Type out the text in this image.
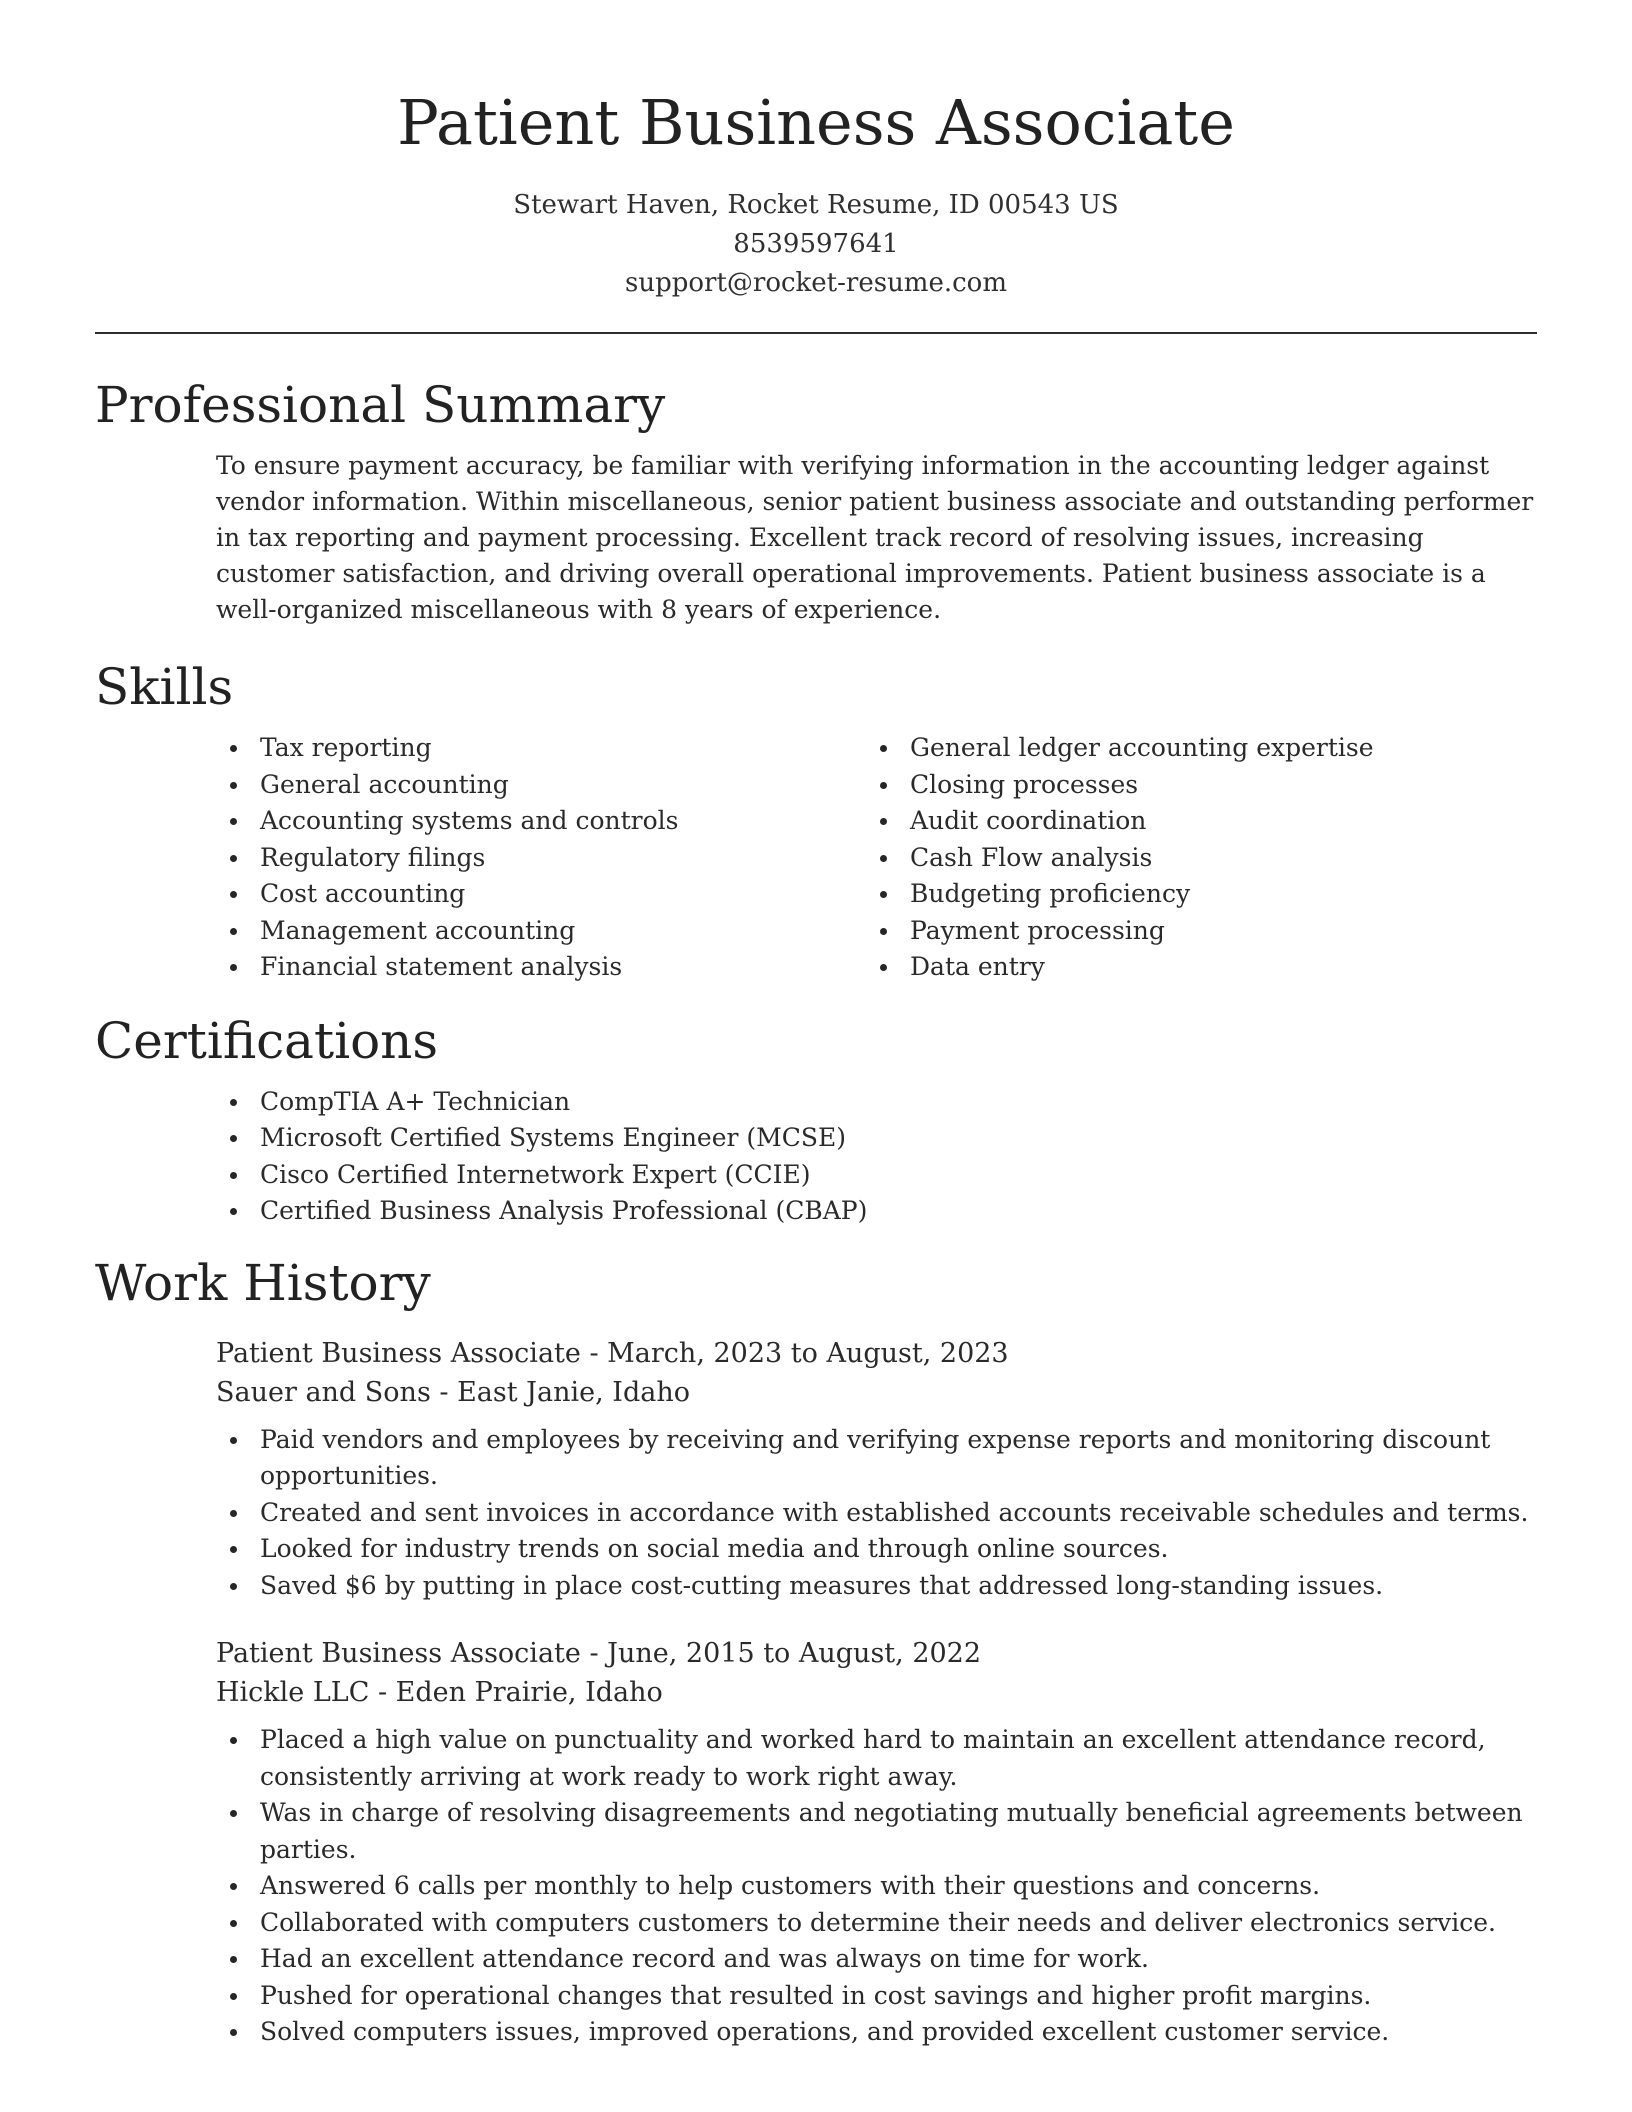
Patient Business Associate
Stewart Haven, Rocket Resume, ID 00543 US
8539597641
support@rocket-resume.com
Professional Summary

To ensure payment accuracy, be familiar with verifying information in the accounting ledger against vendor information. Within miscellaneous, senior patient business associate and outstanding performer in tax reporting and payment processing. Excellent track record of resolving issues, increasing customer satisfaction, and driving overall operational improvements. Patient business associate is a well-organized miscellaneous with 8 years of experience.

Skills
Tax reporting
General accounting
Accounting systems and controls
Regulatory filings
Cost accounting
Management accounting
Financial statement analysis
General ledger accounting expertise
Closing processes
Audit coordination
Cash Flow analysis
Budgeting proficiency
Payment processing
Data entry
Certifications
CompTIA A+ Technician
Microsoft Certified Systems Engineer (MCSE)
Cisco Certified Internetwork Expert (CCIE)
Certified Business Analysis Professional (CBAP)
Work History
Patient Business Associate - March, 2023 to August, 2023
Sauer and Sons - East Janie, Idaho
Paid vendors and employees by receiving and verifying expense reports and monitoring discount opportunities.
Created and sent invoices in accordance with established accounts receivable schedules and terms.
Looked for industry trends on social media and through online sources.
Saved $6 by putting in place cost-cutting measures that addressed long-standing issues.
Patient Business Associate - June, 2015 to August, 2022
Hickle LLC - Eden Prairie, Idaho
Placed a high value on punctuality and worked hard to maintain an excellent attendance record, consistently arriving at work ready to work right away.
Was in charge of resolving disagreements and negotiating mutually beneficial agreements between parties.
Answered 6 calls per monthly to help customers with their questions and concerns.
Collaborated with computers customers to determine their needs and deliver electronics service.
Had an excellent attendance record and was always on time for work.
Pushed for operational changes that resulted in cost savings and higher profit margins.
Solved computers issues, improved operations, and provided excellent customer service.
